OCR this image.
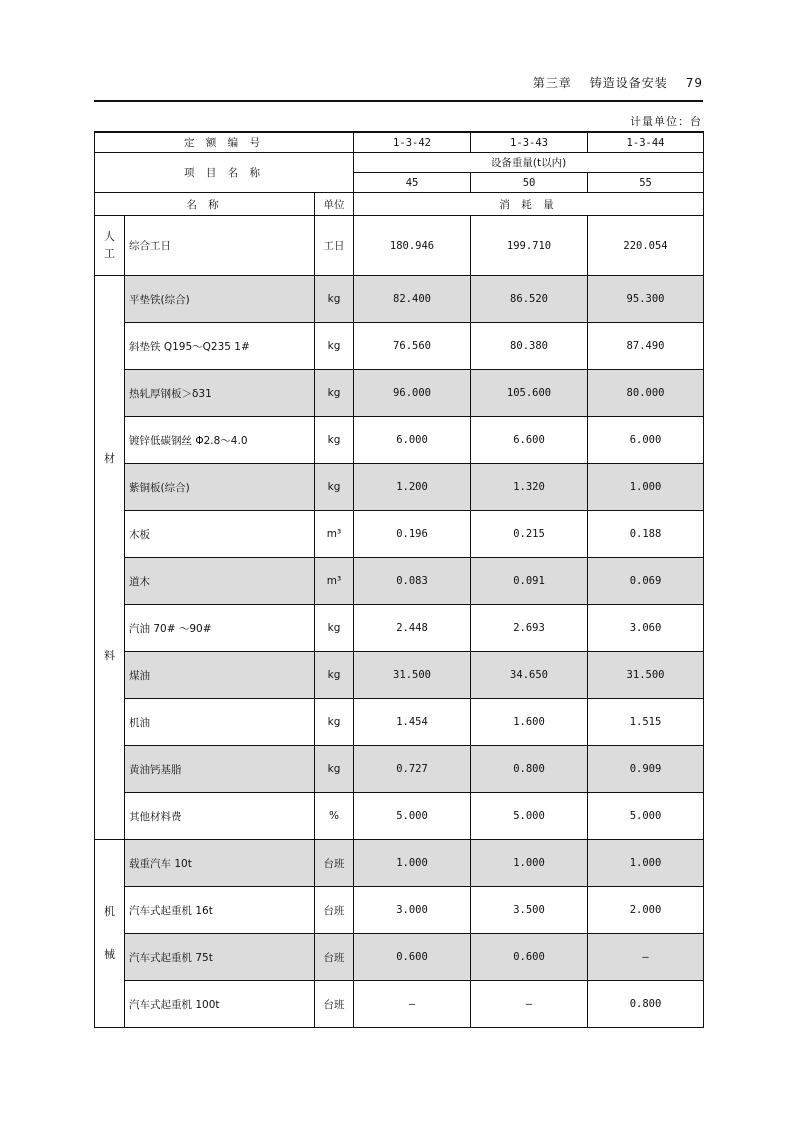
第三章 铸造设备安装 79
计量单位：台
定 额 编 号			1-3-42	1-3-43	1-3-44
项 目 名 称			设备重量(t以内)		
			45	50	55
名 称		单位	消 耗 量		

人
工	综合工日	工日	180.946	199.710	220.054

材
料	平垫铁(综合)	kg	82.400	86.520	95.300
	斜垫铁 Q195～Q235 1#	kg	76.560	80.380	87.490
	热轧厚钢板＞δ31	kg	96.000	105.600	80.000
	镀锌低碳钢丝 Φ2.8～4.0	kg	6.000	6.600	6.000
	紫铜板(综合)	kg	1.200	1.320	1.000
	木板	m³	0.196	0.215	0.188
	道木	m³	0.083	0.091	0.069
	汽油 70# ～90#	kg	2.448	2.693	3.060
	煤油	kg	31.500	34.650	31.500
	机油	kg	1.454	1.600	1.515
	黄油钙基脂	kg	0.727	0.800	0.909
	其他材料费	%	5.000	5.000	5.000

机
械	载重汽车 10t	台班	1.000	1.000	1.000
	汽车式起重机 16t	台班	3.000	3.500	2.000
	汽车式起重机 75t	台班	0.600	0.600	—
	汽车式起重机 100t	台班	—	—	0.800
